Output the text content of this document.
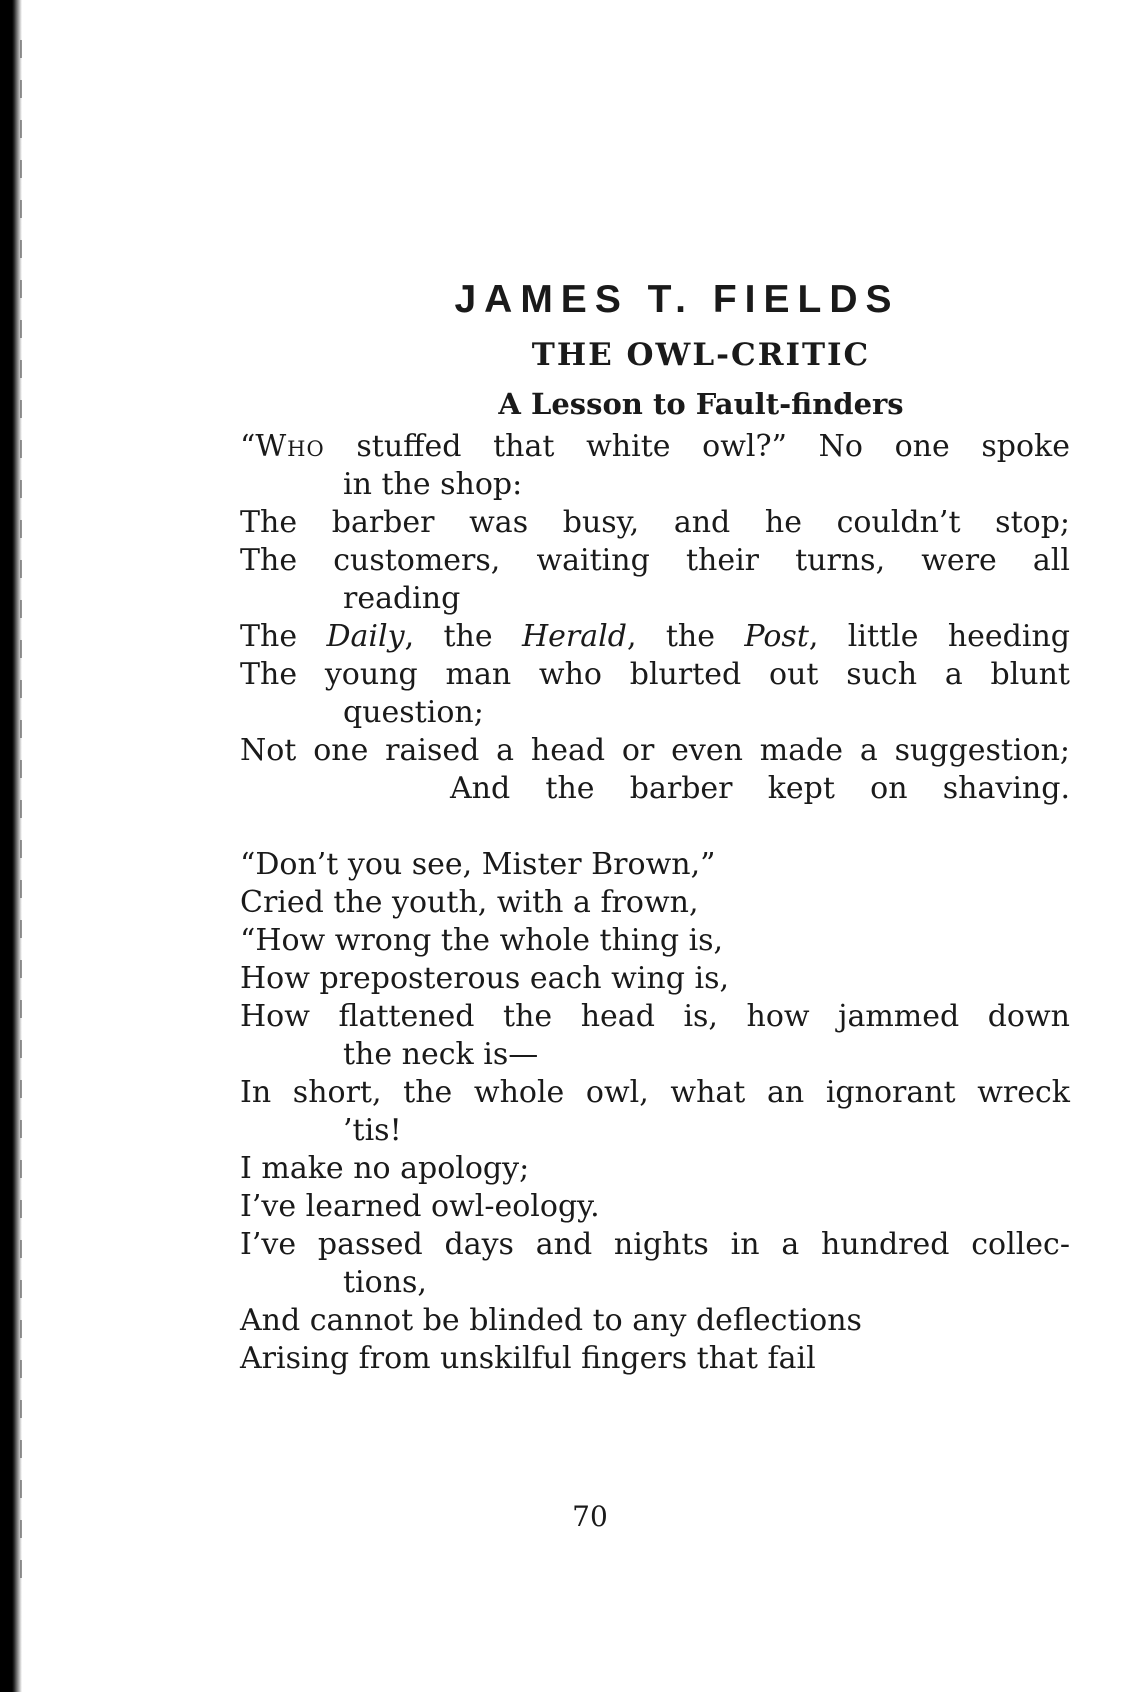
JAMES T. FIELDS
THE OWL-CRITIC
A Lesson to Fault-finders
“Who stuffed that white owl?” No one spoke
in the shop:
The barber was busy, and he couldn’t stop;
The customers, waiting their turns, were all
reading
The Daily, the Herald, the Post, little heeding
The young man who blurted out such a blunt
question;
Not one raised a head or even made a suggestion;
And the barber kept on shaving.
“Don’t you see, Mister Brown,”
Cried the youth, with a frown,
“How wrong the whole thing is,
How preposterous each wing is,
How flattened the head is, how jammed down
the neck is—
In short, the whole owl, what an ignorant wreck
’tis!
I make no apology;
I’ve learned owl-eology.
I’ve passed days and nights in a hundred collec-
tions,
And cannot be blinded to any deflections
Arising from unskilful fingers that fail
70
